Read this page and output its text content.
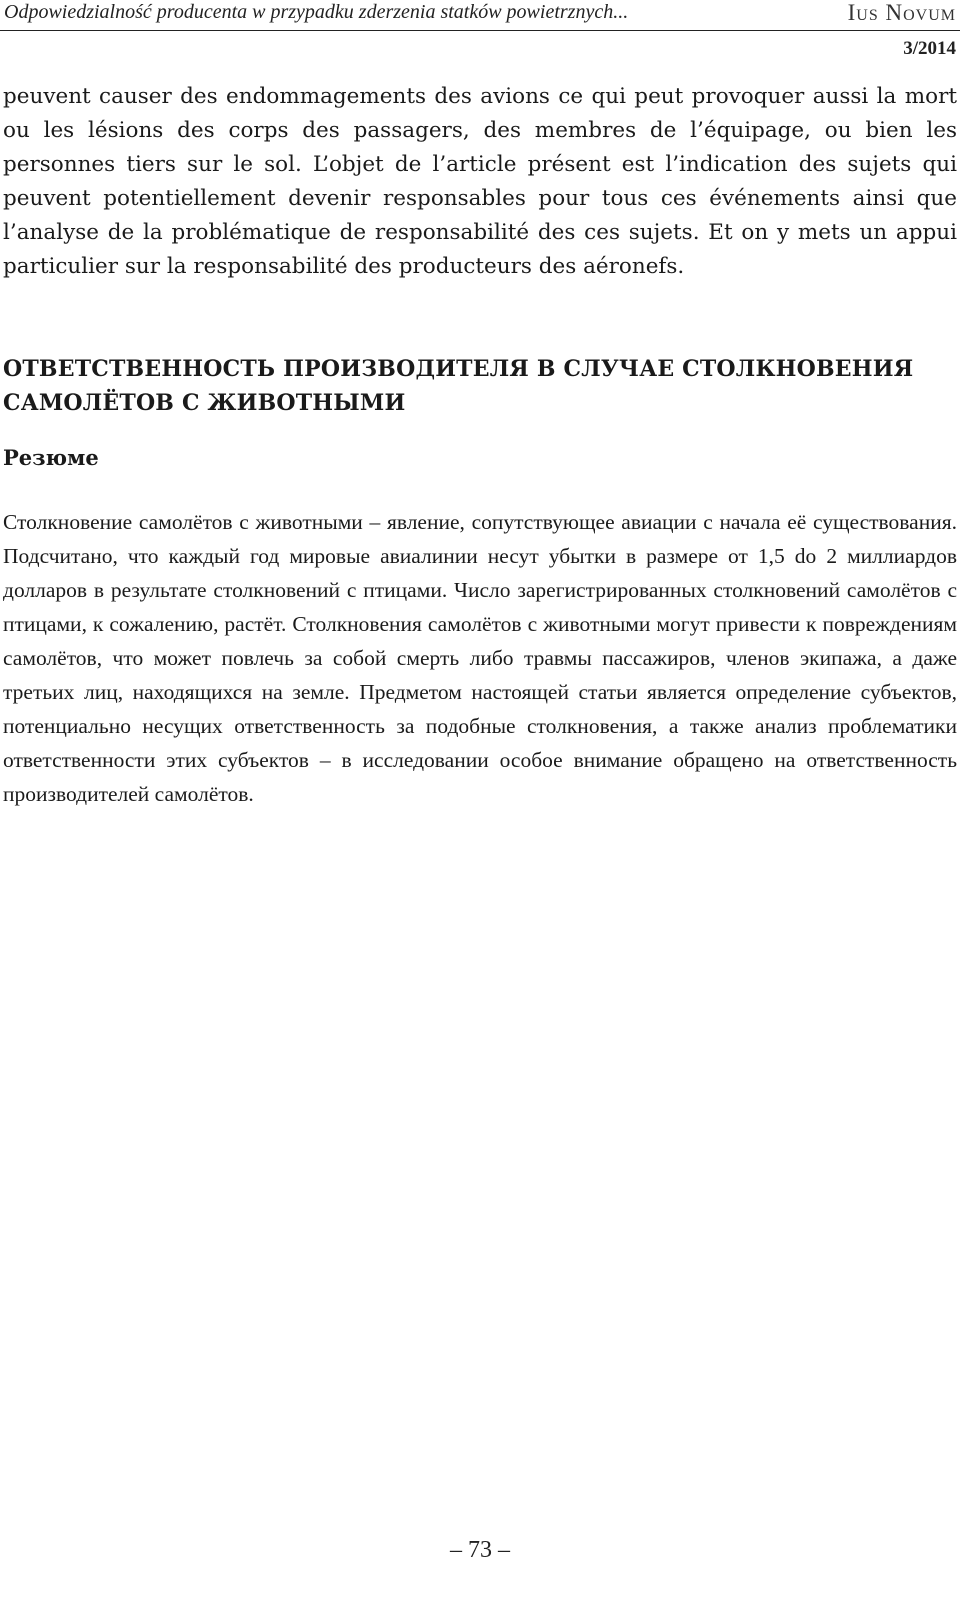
Odpowiedzialność producenta w przypadku zderzenia statków powietrznych...	Ius Novum
3/2014

peuvent causer des endommagements des avions ce qui peut provoquer aussi la mort ou les lésions des corps des passagers, des membres de l’équipage, ou bien les personnes tiers sur le sol. L’objet de l’article présent est l’indication des sujets qui peuvent potentiellement devenir responsables pour tous ces événements ainsi que l’analyse de la problématique de responsabilité des ces sujets. Et on y mets un appui particulier sur la responsabilité des producteurs des aéronefs.

ОТВЕТСТВЕННОСТЬ ПРОИЗВОДИТЕЛЯ В СЛУЧАЕ СТОЛКНОВЕНИЯ САМОЛЁТОВ С ЖИВОТНЫМИ
Резюме

Столкновение самолётов с животными – явление, сопутствующее авиации с начала её существования. Подсчитано, что каждый год мировые авиалинии несут убытки в размере от 1,5 do 2 миллиардов долларов в результате столкновений с птицами. Число зарегистрированных столкновений самолётов с птицами, к сожалению, растёт. Столкновения самолётов с животными могут привести к повреждениям самолётов, что может повлечь за собой смерть либо травмы пассажиров, членов экипажа, а даже третьих лиц, находящихся на земле. Предметом настоящей статьи является определение субъектов, потенциально несущих ответственность за подобные столкновения, а также анализ проблематики ответственности этих субъектов – в исследовании особое внимание обращено на ответственность производителей самолётов.

– 73 –
